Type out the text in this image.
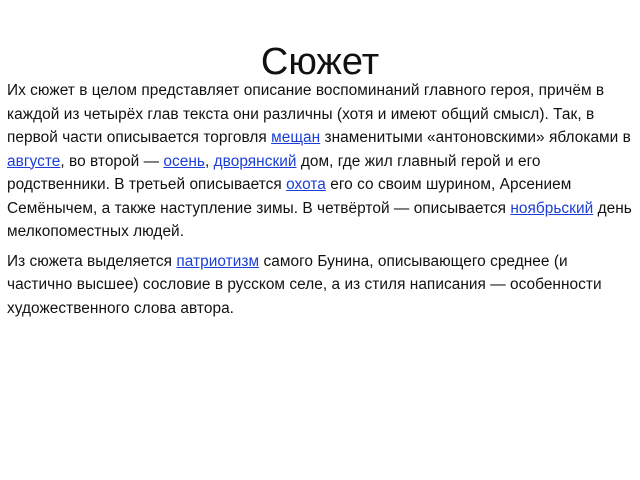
Сюжет

Их сюжет в целом представляет описание воспоминаний главного героя, причём в каждой из четырёх глав текста они различны (хотя и имеют общий смысл). Так, в первой части описывается торговля мещан знаменитыми «антоновскими» яблоками в августе, во второй — осень, дворянский дом, где жил главный герой и его родственники. В третьей описывается охота его со своим шурином, Арсением Семёнычем, а также наступление зимы. В четвёртой — описывается ноябрьский день мелкопоместных людей.

Из сюжета выделяется патриотизм самого Бунина, описывающего среднее (и частично высшее) сословие в русском селе, а из стиля написания — особенности художественного слова автора.
